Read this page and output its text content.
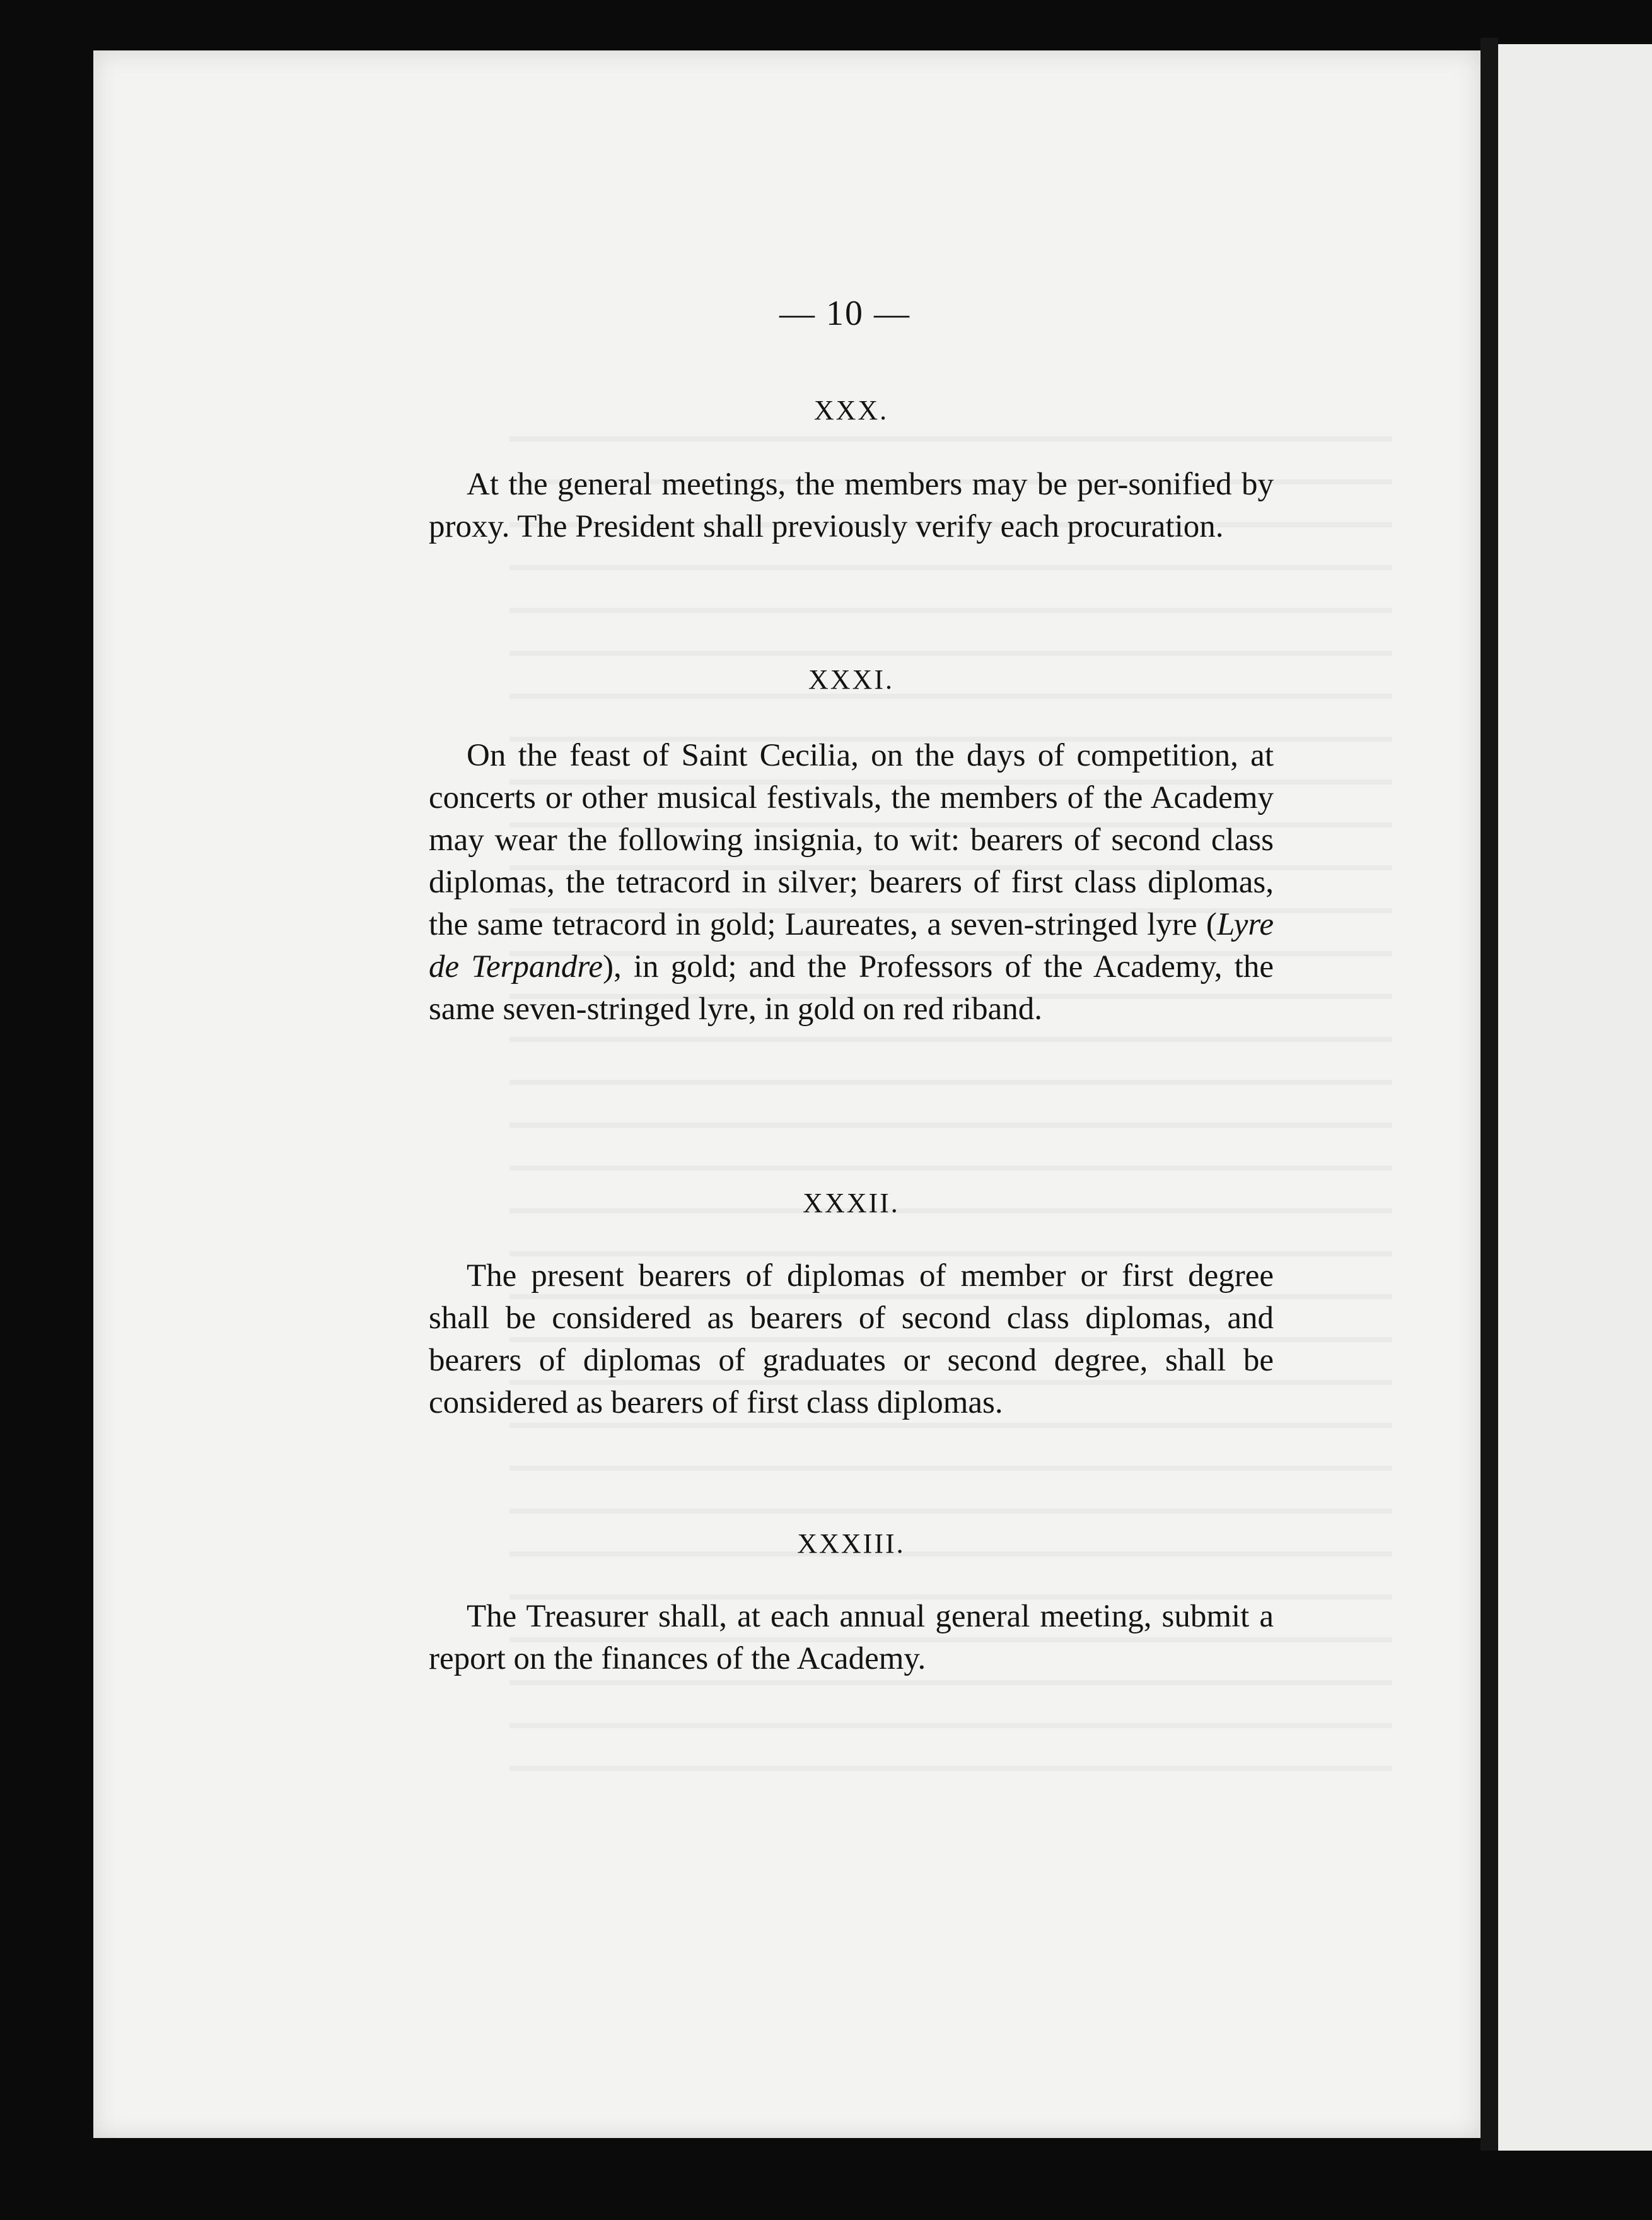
— 10 —

XXX.

At the general meetings, the members may be per-sonified by proxy. The President shall previously verify each procuration.

XXXI.

On the feast of Saint Cecilia, on the days of competition, at concerts or other musical festivals, the members of the Academy may wear the following insignia, to wit: bearers of second class diplomas, the tetracord in silver; bearers of first class diplomas, the same tetracord in gold; Laureates, a seven-stringed lyre (Lyre de Terpandre), in gold; and the Professors of the Academy, the same seven-stringed lyre, in gold on red riband.

XXXII.

The present bearers of diplomas of member or first degree shall be considered as bearers of second class diplomas, and bearers of diplomas of graduates or second degree, shall be considered as bearers of first class diplomas.

XXXIII.

The Treasurer shall, at each annual general meeting, submit a report on the finances of the Academy.
